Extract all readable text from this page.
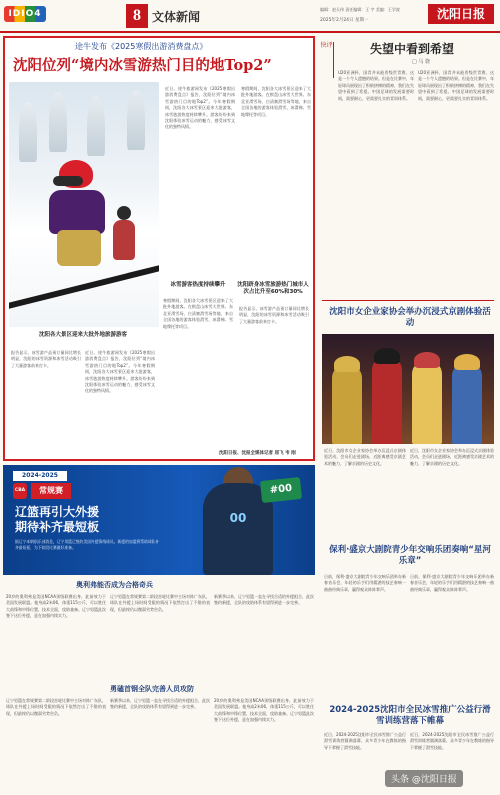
IDIO4	8 文体新闻
编辑：赵天伟 责任编辑：王 宇 美编：王学波
2025年2月24日 星期一	沈阳日报
途牛发布《2025寒假出游消费盘点》
沈阳位列“境内冰雪游热门目的地Top2”
近日，途牛旅游网发布《2025寒假出游消费盘点》报告，沈阳位列“境内冰雪游热门目的地Top2”。今年寒假期间，沈阳各大冰雪景区迎来大批游客，冰雪旅游热度持续攀升。游客纷纷来到沈阳体验冰雪运动的魅力，感受冰雪文化的独特风情。
寒假期间，沈阳各大冰雪景区迎来了大批外地游客。在棋盘山冰雪大世界、东北亚滑雪场、白清寨滑雪场等地，来自全国各地的游客体验滑雪、冰滑梯、雪地摩托等项目。
沈阳各大景区迎来大批外地旅游游客
报告显示，冰雪游产品预订量同比增长明显，沈阳的冰雪资源和冰雪活动吸引了大量游客前来打卡。
近日，途牛旅游网发布《2025寒假出游消费盘点》报告，沈阳位列“境内冰雪游热门目的地Top2”。今年寒假期间，沈阳各大冰雪景区迎来大批游客，冰雪旅游热度持续攀升。游客纷纷来到沈阳体验冰雪运动的魅力，感受冰雪文化的独特风情。
冰雪游客热度持续攀升
寒假期间，沈阳各大冰雪景区迎来了大批外地游客。在棋盘山冰雪大世界、东北亚滑雪场、白清寨滑雪场等地，来自全国各地的游客体验滑雪、冰滑梯、雪地摩托等项目。
沈阳跻身冰雪旅游热门城市人次占比升至60%和30%
报告显示，冰雪游产品预订量同比增长明显，沈阳的冰雪资源和冰雪活动吸引了大量游客前来打卡。
沈阳日报、沈报全媒体记者 屈飞 韦 刚
快评	失望中看到希望
□ 马 骁
U20亚洲杯，国青并未能晋级世青赛，这是一个令人遗憾的结果。但是在比赛中，年轻球员展现出了积极拼搏的精神，我们在失望中看到了希望。中国足球的发展需要时间，需要耐心，更需要扎实的青训体系。
U20亚洲杯，国青并未能晋级世青赛，这是一个令人遗憾的结果。但是在比赛中，年轻球员展现出了积极拼搏的精神，我们在失望中看到了希望。中国足球的发展需要时间，需要耐心，更需要扎实的青训体系。
沈阳市女企业家协会举办沉浸式京剧体验活动
近日，沈阳市女企业家协会举办沉浸式京剧体验活动，会员们走进剧场，近距离感受京剧艺术的魅力，了解京剧的历史文化。
近日，沈阳市女企业家协会举办沉浸式京剧体验活动，会员们走进剧场，近距离感受京剧艺术的魅力，了解京剧的历史文化。
保利·盛京大剧院青少年交响乐团奏响“星河乐章”
日前，保利·盛京大剧院青少年交响乐团举办新春音乐会，年轻的乐手们用精湛的技艺奏响一曲曲经典乐章，赢得观众阵阵掌声。
日前，保利·盛京大剧院青少年交响乐团举办新春音乐会，年轻的乐手们用精湛的技艺奏响一曲曲经典乐章，赢得观众阵阵掌声。
2024-2025沈阳市全民冰雪推广公益行滑雪训练营落下帷幕
近日，2024-2025沈阳市全民冰雪推广公益行滑雪训练营圆满落幕，众多青少年在教练的指导下掌握了滑雪技能。
近日，2024-2025沈阳市全民冰雪推广公益行滑雪训练营圆满落幕，众多青少年在教练的指导下掌握了滑雪技能。
2024-2025
CBA	常规赛
辽篮再引大外援
期待补齐最短板
据辽宁本钢俱乐部消息，辽宁男篮已签约美国外援锋线球员。新援的加盟将帮助球队补齐最短板，为下阶段比赛做好准备。
00
#00
奥利弗能否成为合格奇兵
20岁的奥利弗是美国NCAA顶级联赛出身，此前效力于美国发展联盟。他身高2米06，体重115公斤，可以胜任大前锋和中锋位置，技术全面，攻防兼备。辽宁男篮此次签下这位外援，意在加强内线实力。
辽宁男篮在常规赛第二阶段首轮比赛中主场对阵广东队，球队在外援上场时间受限的情况下依然打出了不错的表现，但最终仍以微弱劣势告负。
新赛季以来，辽宁男篮一直在寻找合适的外援组合，此次签约新援，全队的攻防体系有望得到进一步完善。
勇磕首钢全队完善人员攻防
辽宁男篮在常规赛第二阶段首轮比赛中主场对阵广东队，球队在外援上场时间受限的情况下依然打出了不错的表现，但最终仍以微弱劣势告负。
新赛季以来，辽宁男篮一直在寻找合适的外援组合，此次签约新援，全队的攻防体系有望得到进一步完善。
20岁的奥利弗是美国NCAA顶级联赛出身，此前效力于美国发展联盟。他身高2米06，体重115公斤，可以胜任大前锋和中锋位置，技术全面，攻防兼备。辽宁男篮此次签下这位外援，意在加强内线实力。
头条 @沈阳日报
